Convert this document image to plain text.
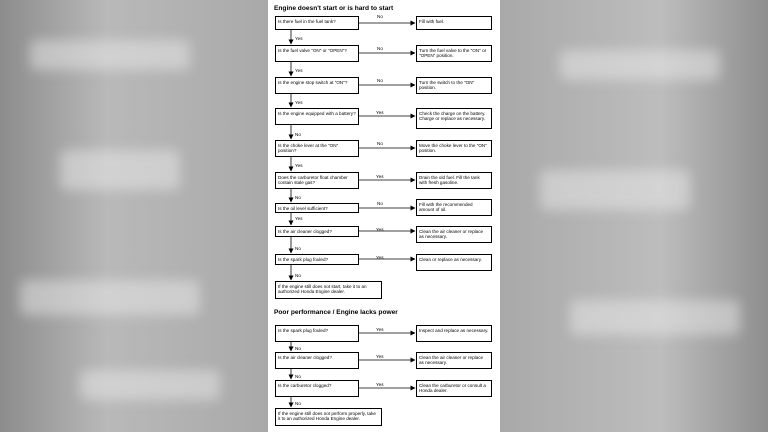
Engine doesn't start or is hard to start
Is there fuel in the fuel tank?	Fill with fuel.
No
Yes
Is the fuel valve "ON" or "OPEN"?	Turn the fuel valve to the "ON" or "OPEN" position.
No
Yes
Is the engine stop switch at "ON"?	Turn the switch to the "ON" position.
No
Yes
Is the engine equipped with a battery?	Check the charge on the battery. Charge or replace as necessary.
Yes
No
Is the choke lever at the "ON" position?
Move the choke lever to the "ON" position.
No
Yes
Does the carburetor float chamber contain stale gas?
Drain the old fuel. Fill the tank with fresh gasoline.
Yes
No
Is the oil level sufficient?
Fill with the recommended amount of oil.
No
Yes
Is the air cleaner clogged?	Clean the air cleaner or replace as necessary.
Yes
No
Is the spark plug fouled?	Clean or replace as necessary.
Yes
No
If the engine still does not start, take it to an authorized Honda Engine dealer.
Poor performance / Engine lacks power
Is the spark plug fouled?	Inspect and replace as necessary.
Yes
No
Is the air cleaner clogged?	Clean the air cleaner or replace as necessary.
Yes
No
Is the carburetor clogged?	Clean the carburetor or consult a Honda dealer.
Yes
No
If the engine still does not perform properly, take it to an authorized Honda Engine dealer.
